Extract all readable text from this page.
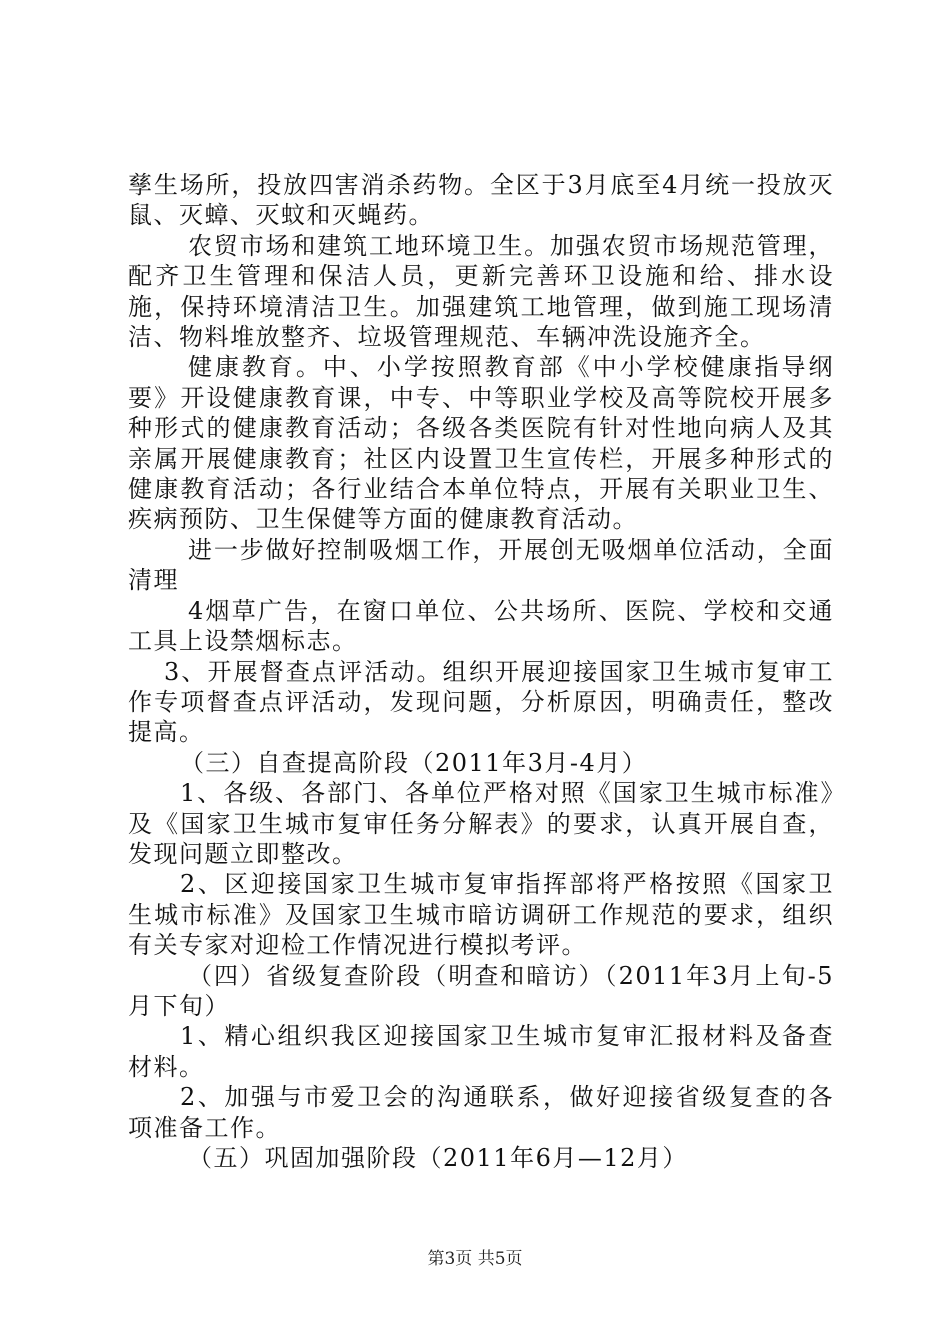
孳生场所，投放四害消杀药物。全区于3月底至4月统一投放灭鼠、灭蟑、灭蚊和灭蝇药。

农贸市场和建筑工地环境卫生。加强农贸市场规范管理，配齐卫生管理和保洁人员，更新完善环卫设施和给、排水设施，保持环境清洁卫生。加强建筑工地管理，做到施工现场清洁、物料堆放整齐、垃圾管理规范、车辆冲洗设施齐全。

健康教育。中、小学按照教育部《中小学校健康指导纲要》开设健康教育课，中专、中等职业学校及高等院校开展多种形式的健康教育活动；各级各类医院有针对性地向病人及其亲属开展健康教育；社区内设置卫生宣传栏，开展多种形式的健康教育活动；各行业结合本单位特点，开展有关职业卫生、疾病预防、卫生保健等方面的健康教育活动。

进一步做好控制吸烟工作，开展创无吸烟单位活动，全面清理

4烟草广告，在窗口单位、公共场所、医院、学校和交通工具上设禁烟标志。

3、开展督查点评活动。组织开展迎接国家卫生城市复审工作专项督查点评活动，发现问题，分析原因，明确责任，整改提高。

（三）自查提高阶段（2011年3月-4月）

1、各级、各部门、各单位严格对照《国家卫生城市标准》及《国家卫生城市复审任务分解表》的要求，认真开展自查，发现问题立即整改。

2、区迎接国家卫生城市复审指挥部将严格按照《国家卫生城市标准》及国家卫生城市暗访调研工作规范的要求，组织有关专家对迎检工作情况进行模拟考评。

（四）省级复查阶段（明查和暗访）（2011年3月上旬-5月下旬）

1、精心组织我区迎接国家卫生城市复审汇报材料及备查材料。

2、加强与市爱卫会的沟通联系，做好迎接省级复查的各项准备工作。

（五）巩固加强阶段（2011年6月—12月）

第3页 共5页
